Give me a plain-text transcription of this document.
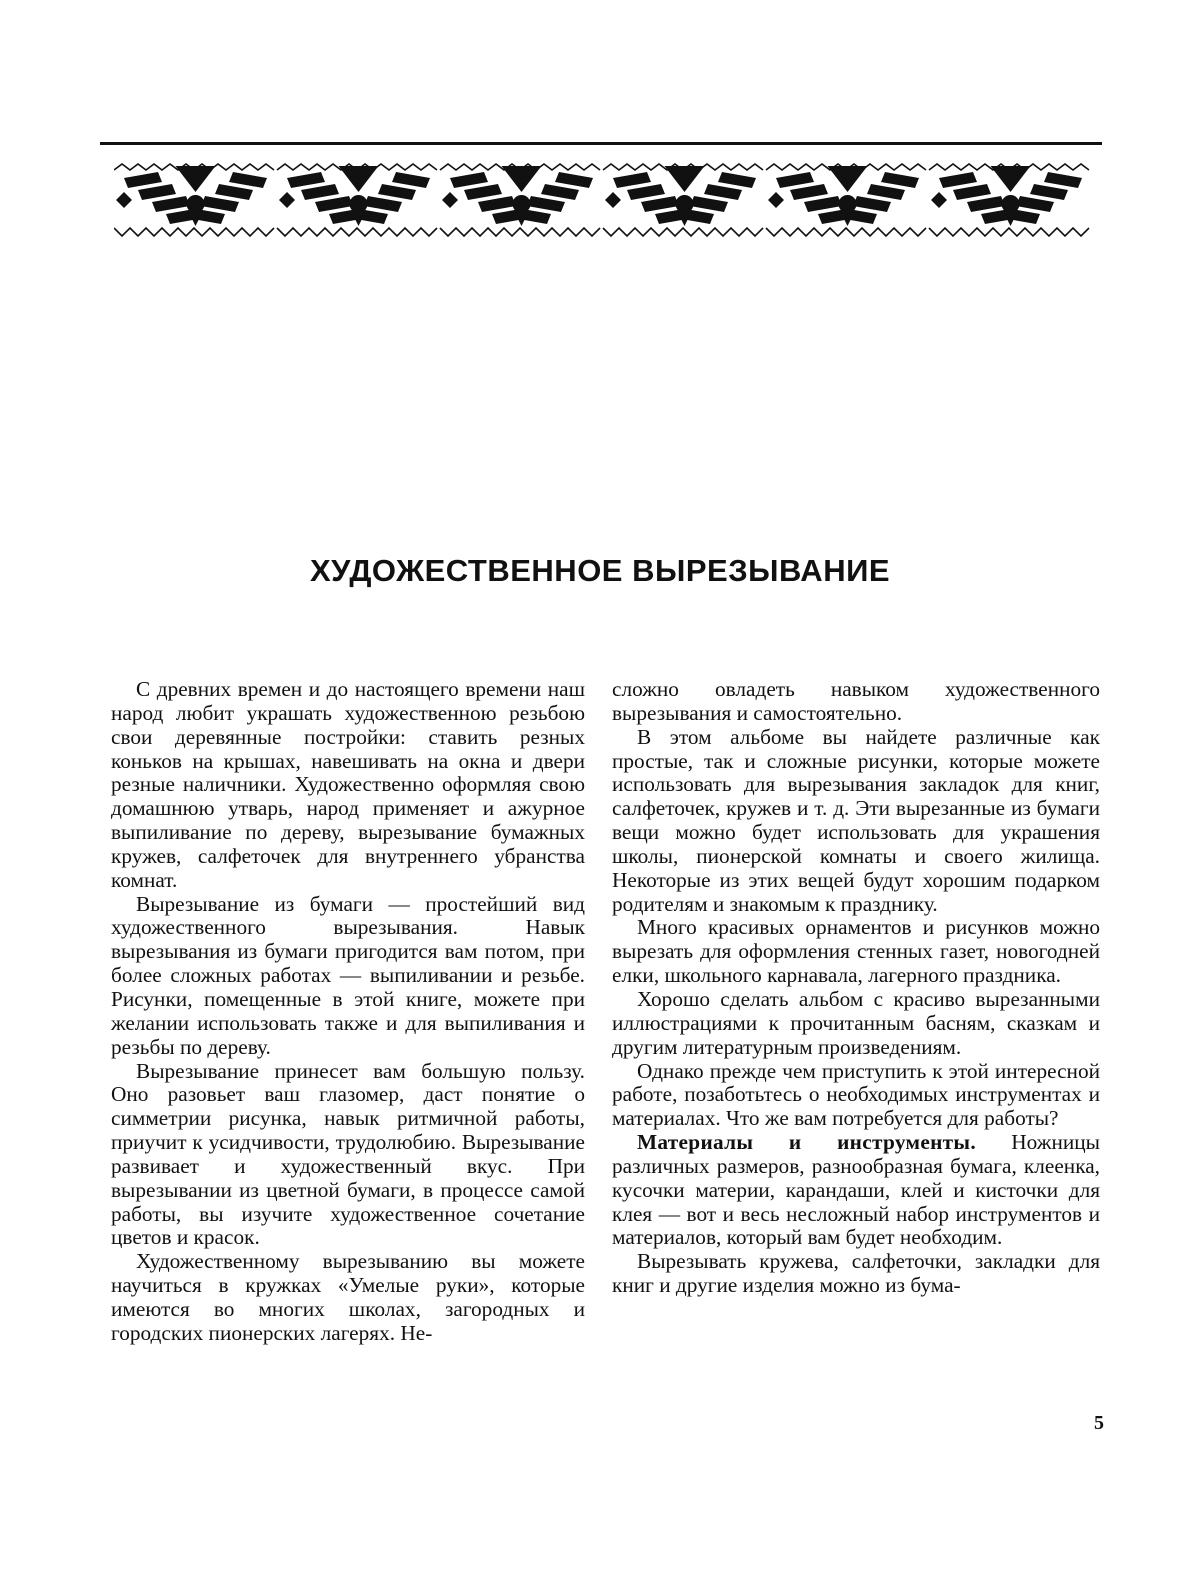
ХУДОЖЕСТВЕННОЕ ВЫРЕЗЫВАНИЕ

С древних времен и до настоящего времени наш народ любит украшать художественною резьбою свои деревянные постройки: ставить резных коньков на крышах, навешивать на окна и двери резные наличники. Художественно оформляя свою домашнюю утварь, народ применяет и ажурное выпиливание по дереву, вырезывание бумажных кружев, салфеточек для внутреннего убранства комнат.

Вырезывание из бумаги — простейший вид художественного вырезывания. Навык вырезывания из бумаги пригодится вам потом, при более сложных работах — выпиливании и резьбе. Рисунки, помещенные в этой книге, можете при желании использовать также и для выпиливания и резьбы по дереву.

Вырезывание принесет вам большую пользу. Оно разовьет ваш глазомер, даст понятие о симметрии рисунка, навык ритмичной работы, приучит к усидчивости, трудолюбию. Вырезывание развивает и художественный вкус. При вырезывании из цветной бумаги, в процессе самой работы, вы изучите художественное сочетание цветов и красок.

Художественному вырезыванию вы можете научиться в кружках «Умелые руки», которые имеются во многих школах, загородных и городских пионерских лагерях. Не-

сложно овладеть навыком художественного вырезывания и самостоятельно.

В этом альбоме вы найдете различные как простые, так и сложные рисунки, которые можете использовать для вырезывания закладок для книг, салфеточек, кружев и т. д. Эти вырезанные из бумаги вещи можно будет использовать для украшения школы, пионерской комнаты и своего жилища. Некоторые из этих вещей будут хорошим подарком родителям и знакомым к празднику.

Много красивых орнаментов и рисунков можно вырезать для оформления стенных газет, новогодней елки, школьного карнавала, лагерного праздника.

Хорошо сделать альбом с красиво вырезанными иллюстрациями к прочитанным басням, сказкам и другим литературным произведениям.

Однако прежде чем приступить к этой интересной работе, позаботьтесь о необходимых инструментах и материалах. Что же вам потребуется для работы?

Материалы и инструменты. Ножницы различных размеров, разнообразная бумага, клеенка, кусочки материи, карандаши, клей и кисточки для клея — вот и весь несложный набор инструментов и материалов, который вам будет необходим.

Вырезывать кружева, салфеточки, закладки для книг и другие изделия можно из бума-

5
